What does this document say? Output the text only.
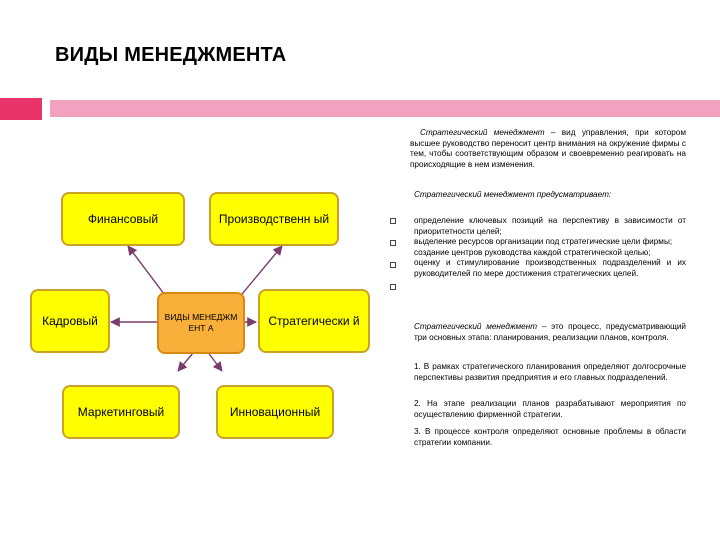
ВИДЫ МЕНЕДЖМЕНТА
Финансовый	Производственн ый
Кадровый	ВИДЫ МЕНЕДЖМЕНТ А
Стратегически й
Маркетинговый	Инновационный

Стратегический менеджмент – вид управления, при котором высшее руководство переносит центр внимания на окружение фирмы с тем, чтобы соответствующим образом и своевременно реагировать на происходящие в нем изменения.

Стратегический менеджмент предусматривает:

определение ключевых позиций на перспективу в зависимости от приоритетности целей;
выделение ресурсов организации под стратегические цели фирмы;
создание центров руководства каждой стратегической целью;
оценку и стимулирование производственных подразделений и их руководителей по мере достижения стратегических целей.

Стратегический менеджмент – это процесс, предусматривающий три основных этапа: планирования, реализации планов, контроля.

1. В рамках стратегического планирования определяют долгосрочные перспективы развития предприятия и его главных подразделений.

2. На этапе реализации планов разрабатывают мероприятия по осуществлению фирменной стратегии.

3. В процессе контроля определяют основные проблемы в области стратегии компании.
